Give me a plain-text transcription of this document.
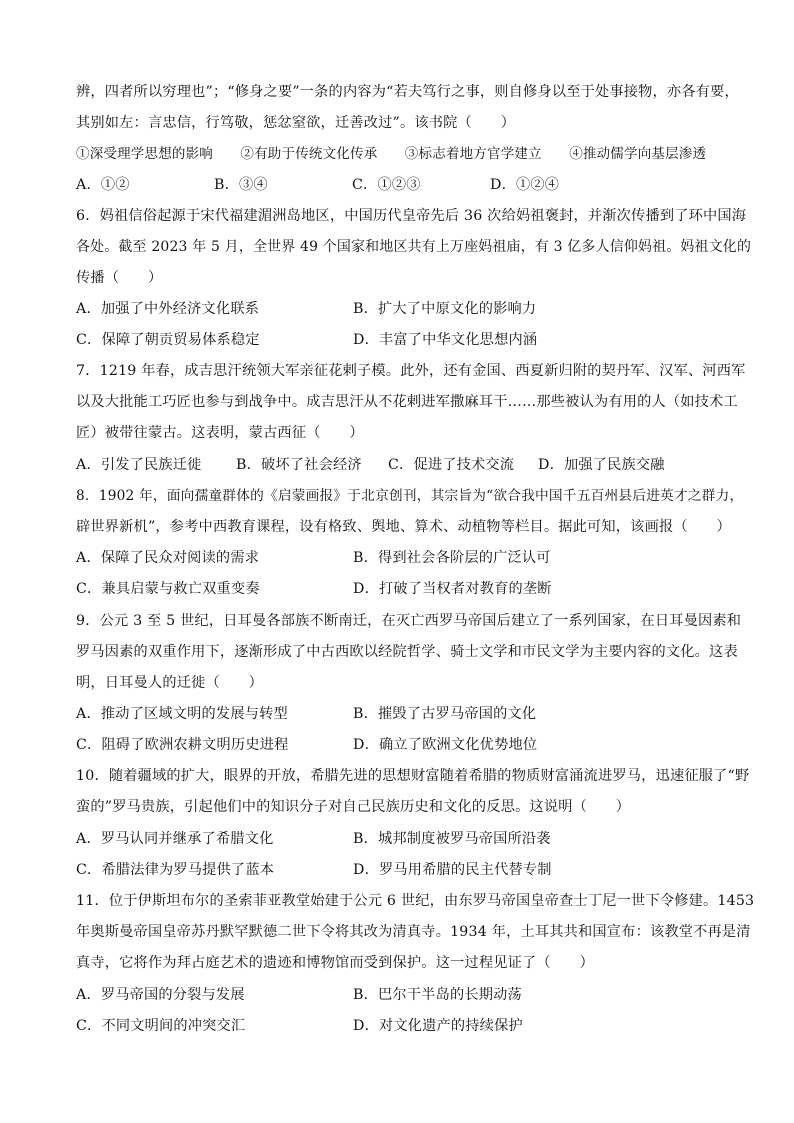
辨，四者所以穷理也”；“修身之要”一条的内容为“若夫笃行之事，则自修身以至于处事接物，亦各有要，
其别如左：言忠信，行笃敬，惩忿窒欲，迁善改过”。该书院（　　）
①深受理学思想的影响　　②有助于传统文化传承　　③标志着地方官学建立　　④推动儒学向基层渗透
A．①②	B．③④	C．①②③	D．①②④
6．妈祖信俗起源于宋代福建湄洲岛地区，中国历代皇帝先后 36 次给妈祖褒封，并渐次传播到了环中国海
各处。截至 2023 年 5 月，全世界 49 个国家和地区共有上万座妈祖庙，有 3 亿多人信仰妈祖。妈祖文化的
传播（　　）
A．加强了中外经济文化联系	B．扩大了中原文化的影响力
C．保障了朝贡贸易体系稳定	D．丰富了中华文化思想内涵
7．1219 年春，成吉思汗统领大军亲征花剌子模。此外，还有金国、西夏新归附的契丹军、汉军、河西军
以及大批能工巧匠也参与到战争中。成吉思汗从不花剌进军撒麻耳干……那些被认为有用的人（如技术工
匠）被带往蒙古。这表明，蒙古西征（　　）
A．引发了民族迁徙 B．破坏了社会经济 C．促进了技术交流 D．加强了民族交融
8．1902 年，面向孺童群体的《启蒙画报》于北京创刊，其宗旨为“欲合我中国千五百州县后进英才之群力，
辟世界新机”，参考中西教育课程，设有格致、舆地、算术、动植物等栏目。据此可知，该画报（　　）
A．保障了民众对阅读的需求	B．得到社会各阶层的广泛认可
C．兼具启蒙与救亡双重变奏	D．打破了当权者对教育的垄断
9．公元 3 至 5 世纪，日耳曼各部族不断南迁，在灭亡西罗马帝国后建立了一系列国家，在日耳曼因素和
罗马因素的双重作用下，逐渐形成了中古西欧以经院哲学、骑士文学和市民文学为主要内容的文化。这表
明，日耳曼人的迁徙（　　）
A．推动了区域文明的发展与转型	B．摧毁了古罗马帝国的文化
C．阻碍了欧洲农耕文明历史进程	D．确立了欧洲文化优势地位
10．随着疆域的扩大，眼界的开放，希腊先进的思想财富随着希腊的物质财富涌流进罗马，迅速征服了“野
蛮的”罗马贵族，引起他们中的知识分子对自己民族历史和文化的反思。这说明（　　）
A．罗马认同并继承了希腊文化	B．城邦制度被罗马帝国所沿袭
C．希腊法律为罗马提供了蓝本	D．罗马用希腊的民主代替专制
11．位于伊斯坦布尔的圣索菲亚教堂始建于公元 6 世纪，由东罗马帝国皇帝查士丁尼一世下令修建。1453
年奥斯曼帝国皇帝苏丹默罕默德二世下令将其改为清真寺。1934 年，土耳其共和国宣布：该教堂不再是清
真寺，它将作为拜占庭艺术的遗迹和博物馆而受到保护。这一过程见证了（　　）
A．罗马帝国的分裂与发展	B．巴尔干半岛的长期动荡
C．不同文明间的冲突交汇	D．对文化遗产的持续保护
